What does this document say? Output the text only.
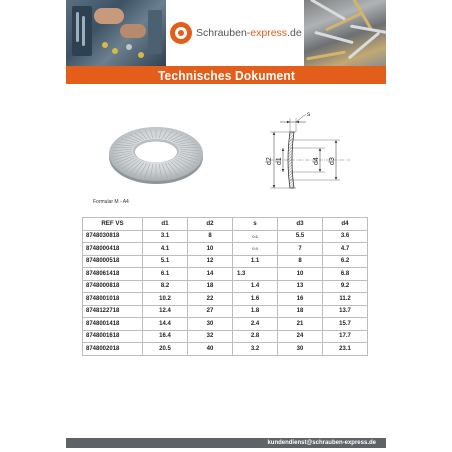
Schrauben-express.de
Technisches Dokument
Formular M - A4
s
d2 d1	d4 d3
REF VS	d1	d2	s	d3	d4
8748030818	3.1	8	0.6	5.5	3.6
8748000418	4.1	10	0.9	7	4.7
8748000518	5.1	12	1.1	8	6.2
8748061418	6.1	14	1.3	10	6.8
8748000818	8.2	18	1.4	13	9.2
8748001018	10.2	22	1.6	16	11.2
8748122718	12.4	27	1.8	18	13.7
8748001418	14.4	30	2.4	21	15.7
8748001618	16.4	32	2.8	24	17.7
8748002018	20.5	40	3.2	30	23.1
kundendienst@schrauben-express.de
